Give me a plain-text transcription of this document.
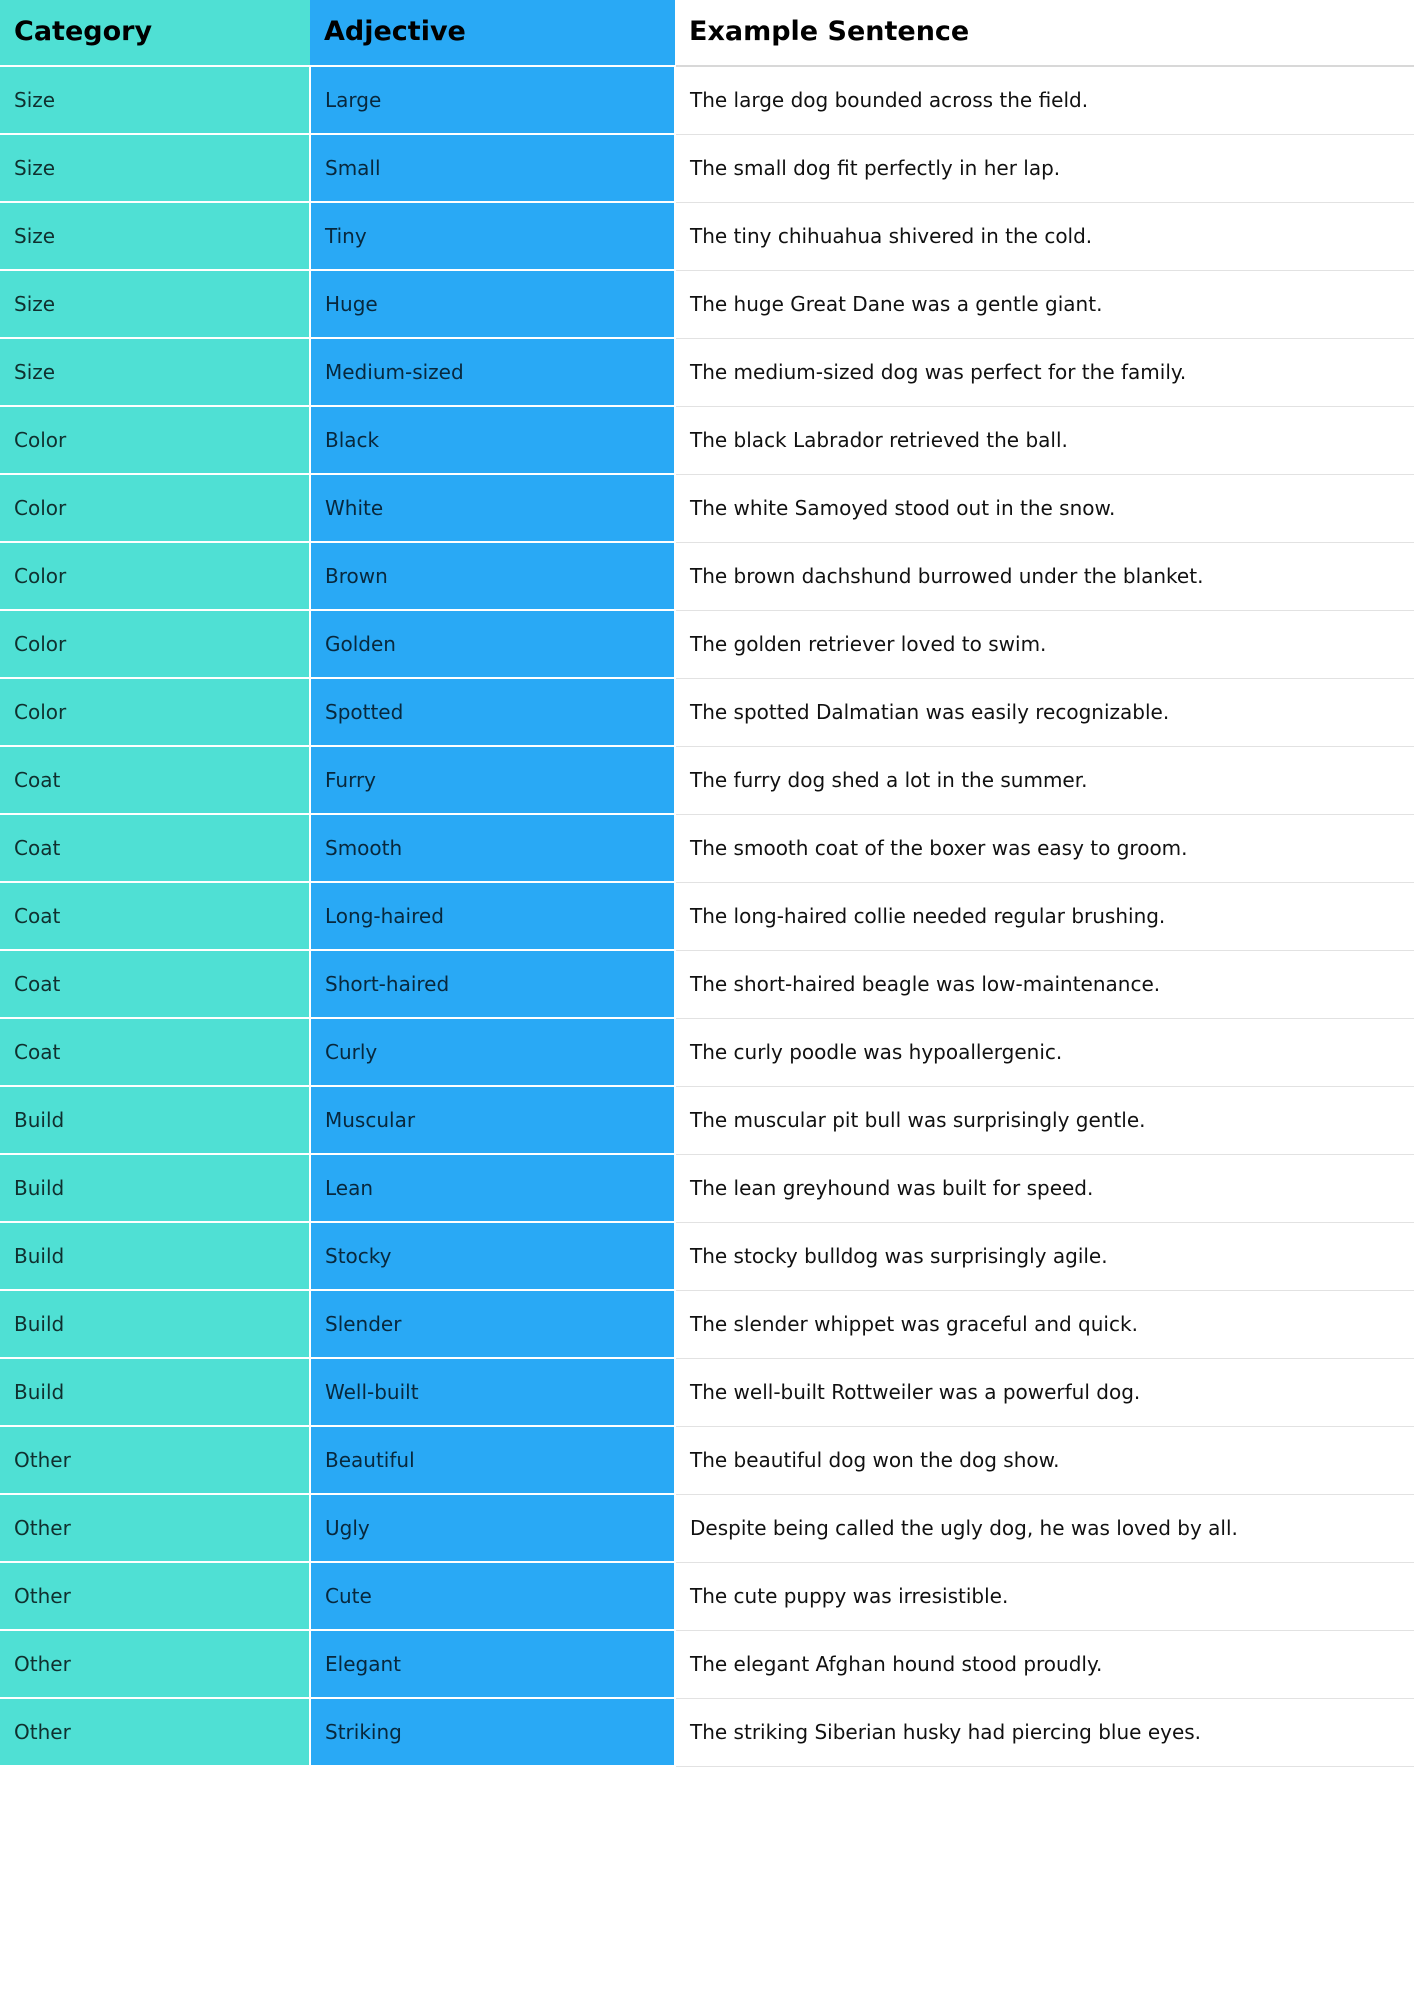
Category	Adjective	Example Sentence
Size	Large	The large dog bounded across the field.
Size	Small	The small dog fit perfectly in her lap.
Size	Tiny	The tiny chihuahua shivered in the cold.
Size	Huge	The huge Great Dane was a gentle giant.
Size	Medium-sized	The medium-sized dog was perfect for the family.
Color	Black	The black Labrador retrieved the ball.
Color	White	The white Samoyed stood out in the snow.
Color	Brown	The brown dachshund burrowed under the blanket.
Color	Golden	The golden retriever loved to swim.
Color	Spotted	The spotted Dalmatian was easily recognizable.
Coat	Furry	The furry dog shed a lot in the summer.
Coat	Smooth	The smooth coat of the boxer was easy to groom.
Coat	Long-haired	The long-haired collie needed regular brushing.
Coat	Short-haired	The short-haired beagle was low-maintenance.
Coat	Curly	The curly poodle was hypoallergenic.
Build	Muscular	The muscular pit bull was surprisingly gentle.
Build	Lean	The lean greyhound was built for speed.
Build	Stocky	The stocky bulldog was surprisingly agile.
Build	Slender	The slender whippet was graceful and quick.
Build	Well-built	The well-built Rottweiler was a powerful dog.
Other	Beautiful	The beautiful dog won the dog show.
Other	Ugly	Despite being called the ugly dog, he was loved by all.
Other	Cute	The cute puppy was irresistible.
Other	Elegant	The elegant Afghan hound stood proudly.
Other	Striking	The striking Siberian husky had piercing blue eyes.
